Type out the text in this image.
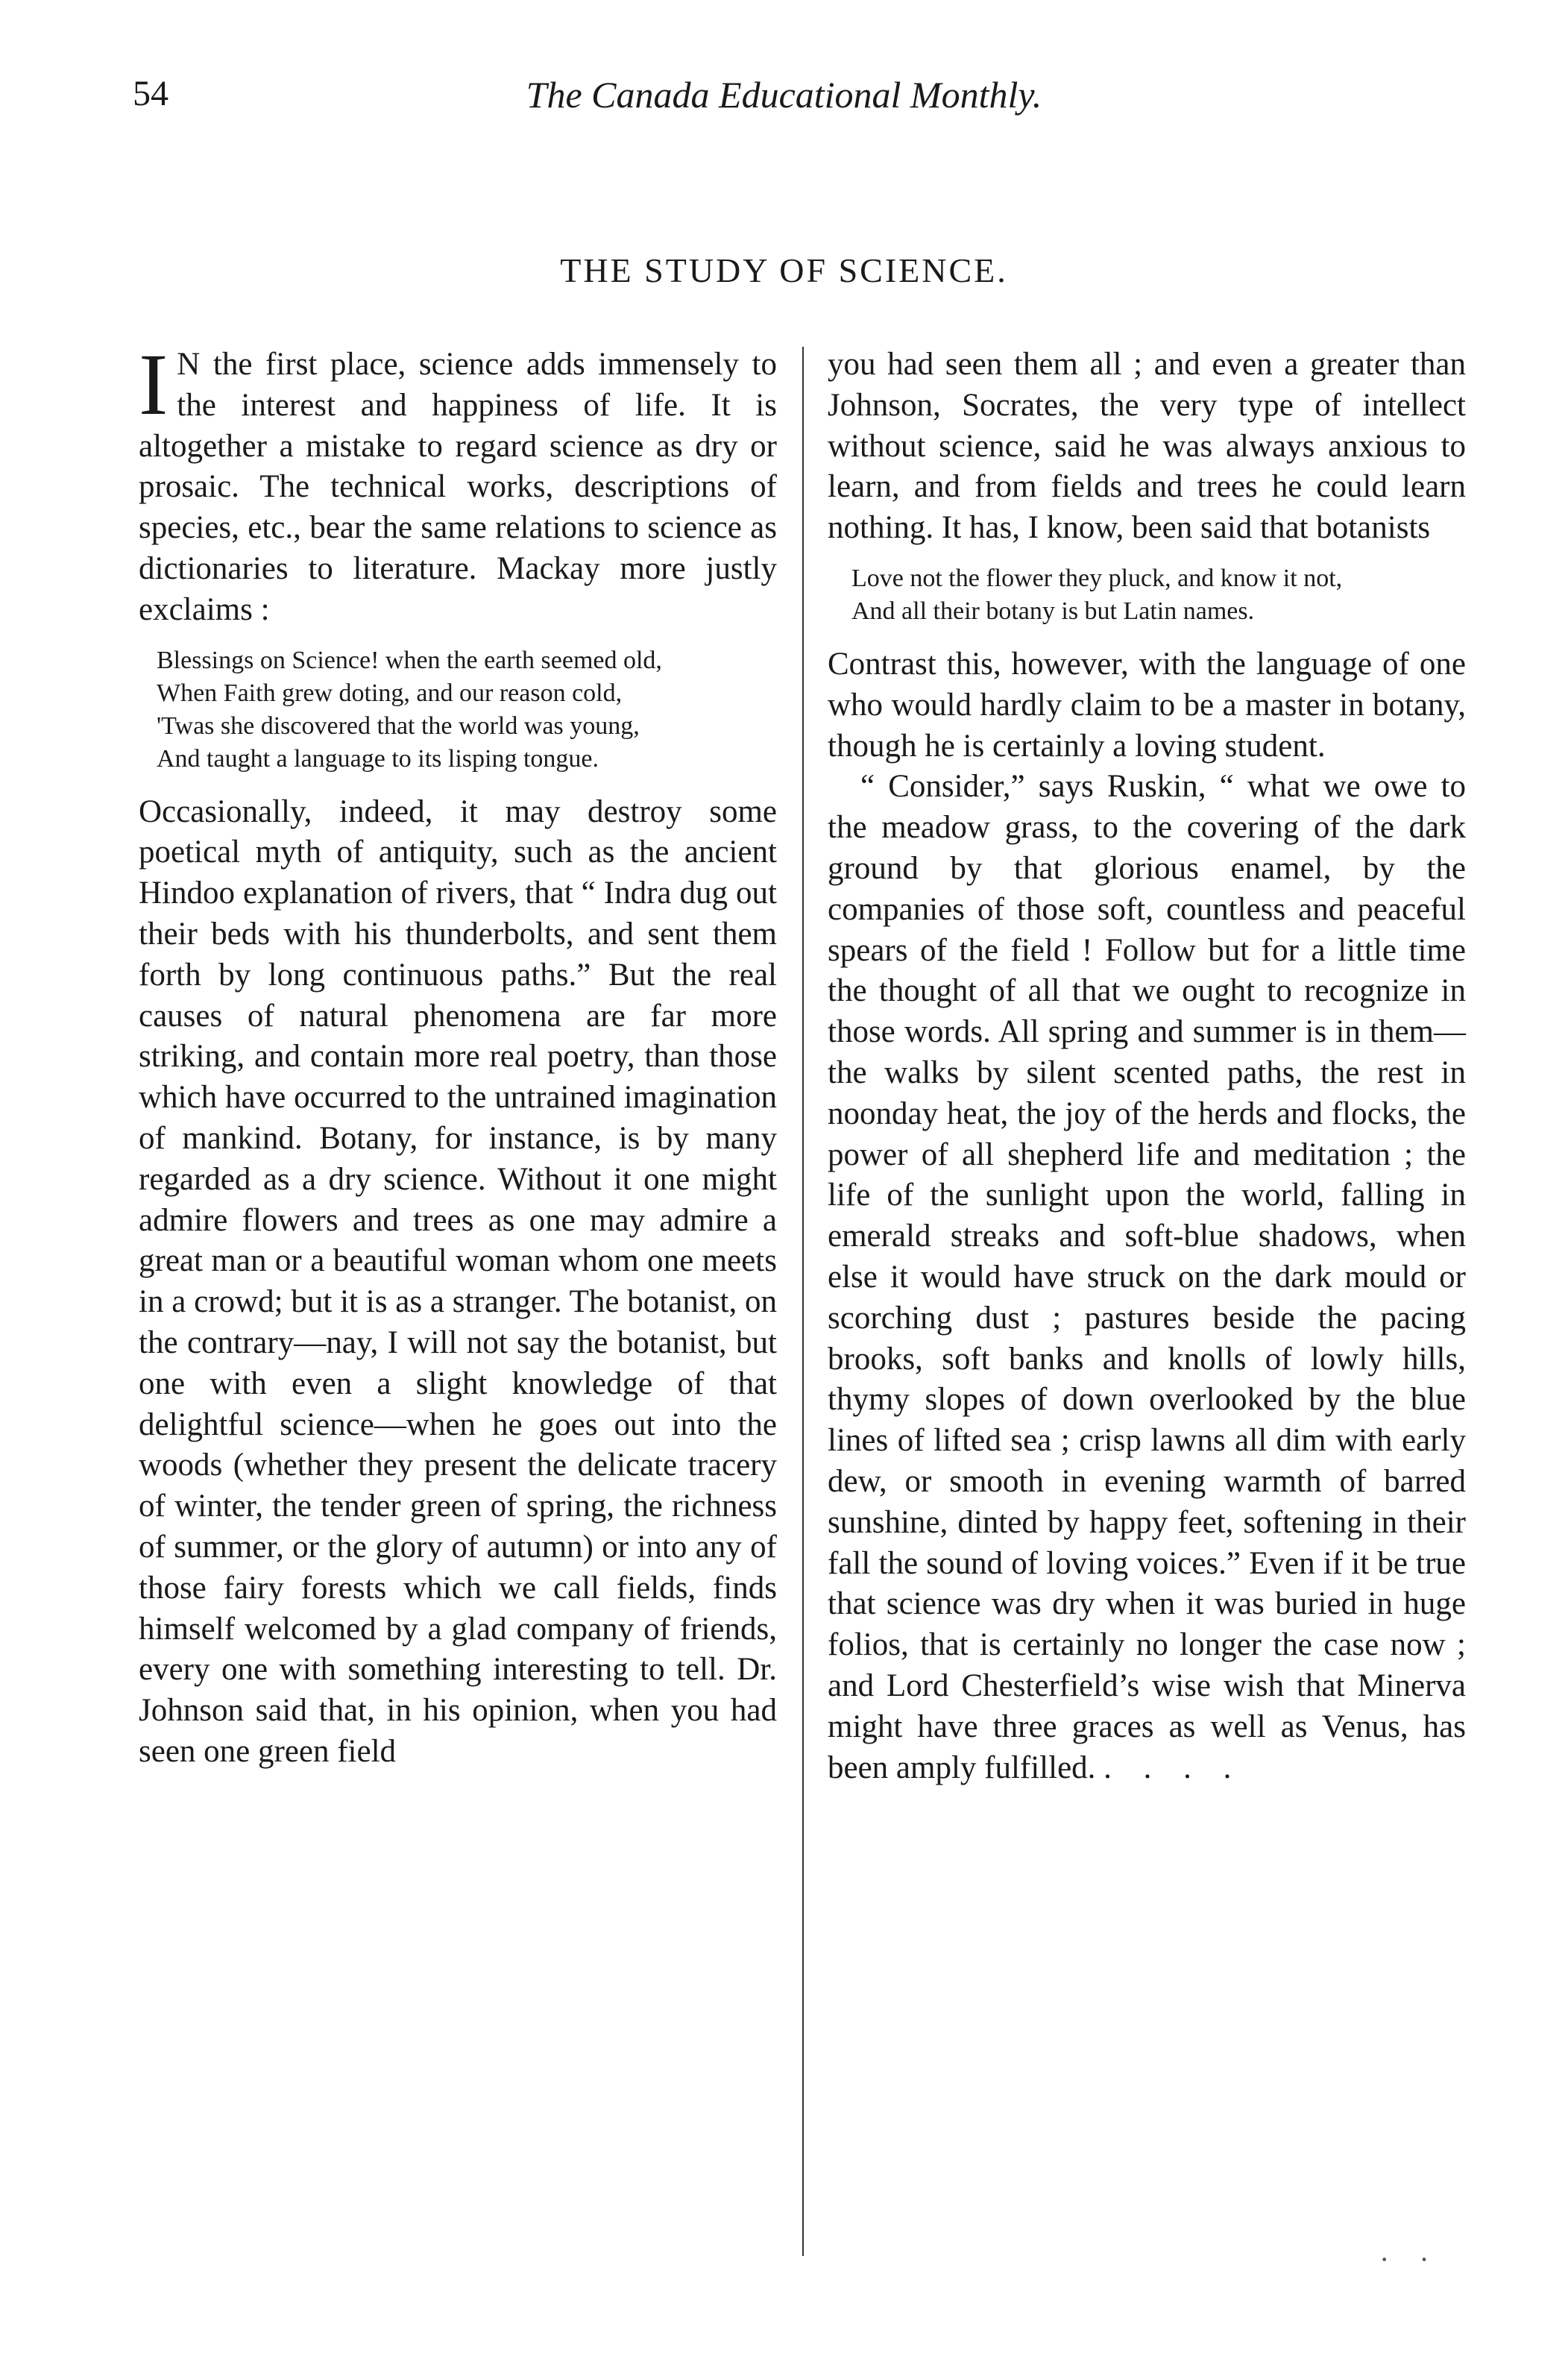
54	The Canada Educational Monthly.
THE STUDY OF SCIENCE.

I N the first place, science adds immensely to the interest and happiness of life. It is altogether a mistake to regard science as dry or prosaic. The technical works, descriptions of species, etc., bear the same relations to science as dictionaries to literature. Mackay more justly exclaims :

Blessings on Science! when the earth seemed old,
When Faith grew doting, and our reason cold,
'Twas she discovered that the world was young,
And taught a language to its lisping tongue.

Occasionally, indeed, it may destroy some poetical myth of antiquity, such as the ancient Hindoo explanation of rivers, that “ Indra dug out their beds with his thunderbolts, and sent them forth by long continuous paths.” But the real causes of natural phenomena are far more striking, and contain more real poetry, than those which have occurred to the untrained imagination of mankind. Botany, for instance, is by many regarded as a dry science. Without it one might admire flowers and trees as one may admire a great man or a beautiful woman whom one meets in a crowd; but it is as a stranger. The botanist, on the contrary—nay, I will not say the botanist, but one with even a slight knowledge of that delightful science—when he goes out into the woods (whether they present the delicate tracery of winter, the tender green of spring, the richness of summer, or the glory of autumn) or into any of those fairy forests which we call fields, finds himself welcomed by a glad company of friends, every one with something interesting to tell. Dr. Johnson said that, in his opinion, when you had seen one green field

you had seen them all ; and even a greater than Johnson, Socrates, the very type of intellect without science, said he was always anxious to learn, and from fields and trees he could learn nothing. It has, I know, been said that botanists

Love not the flower they pluck, and know it not,
And all their botany is but Latin names.

Contrast this, however, with the language of one who would hardly claim to be a master in botany, though he is certainly a loving student.

“ Consider,” says Ruskin, “ what we owe to the meadow grass, to the covering of the dark ground by that glorious enamel, by the companies of those soft, countless and peaceful spears of the field ! Follow but for a little time the thought of all that we ought to recognize in those words. All spring and summer is in them—the walks by silent scented paths, the rest in noonday heat, the joy of the herds and flocks, the power of all shepherd life and meditation ; the life of the sunlight upon the world, falling in emerald streaks and soft-blue shadows, when else it would have struck on the dark mould or scorching dust ; pastures beside the pacing brooks, soft banks and knolls of lowly hills, thymy slopes of down overlooked by the blue lines of lifted sea ; crisp lawns all dim with early dew, or smooth in evening warmth of barred sunshine, dinted by happy feet, softening in their fall the sound of loving voices.” Even if it be true that science was dry when it was buried in huge folios, that is certainly no longer the case now ; and Lord Chesterfield’s wise wish that Minerva might have three graces as well as Venus, has been amply fulfilled. . . . .

··
